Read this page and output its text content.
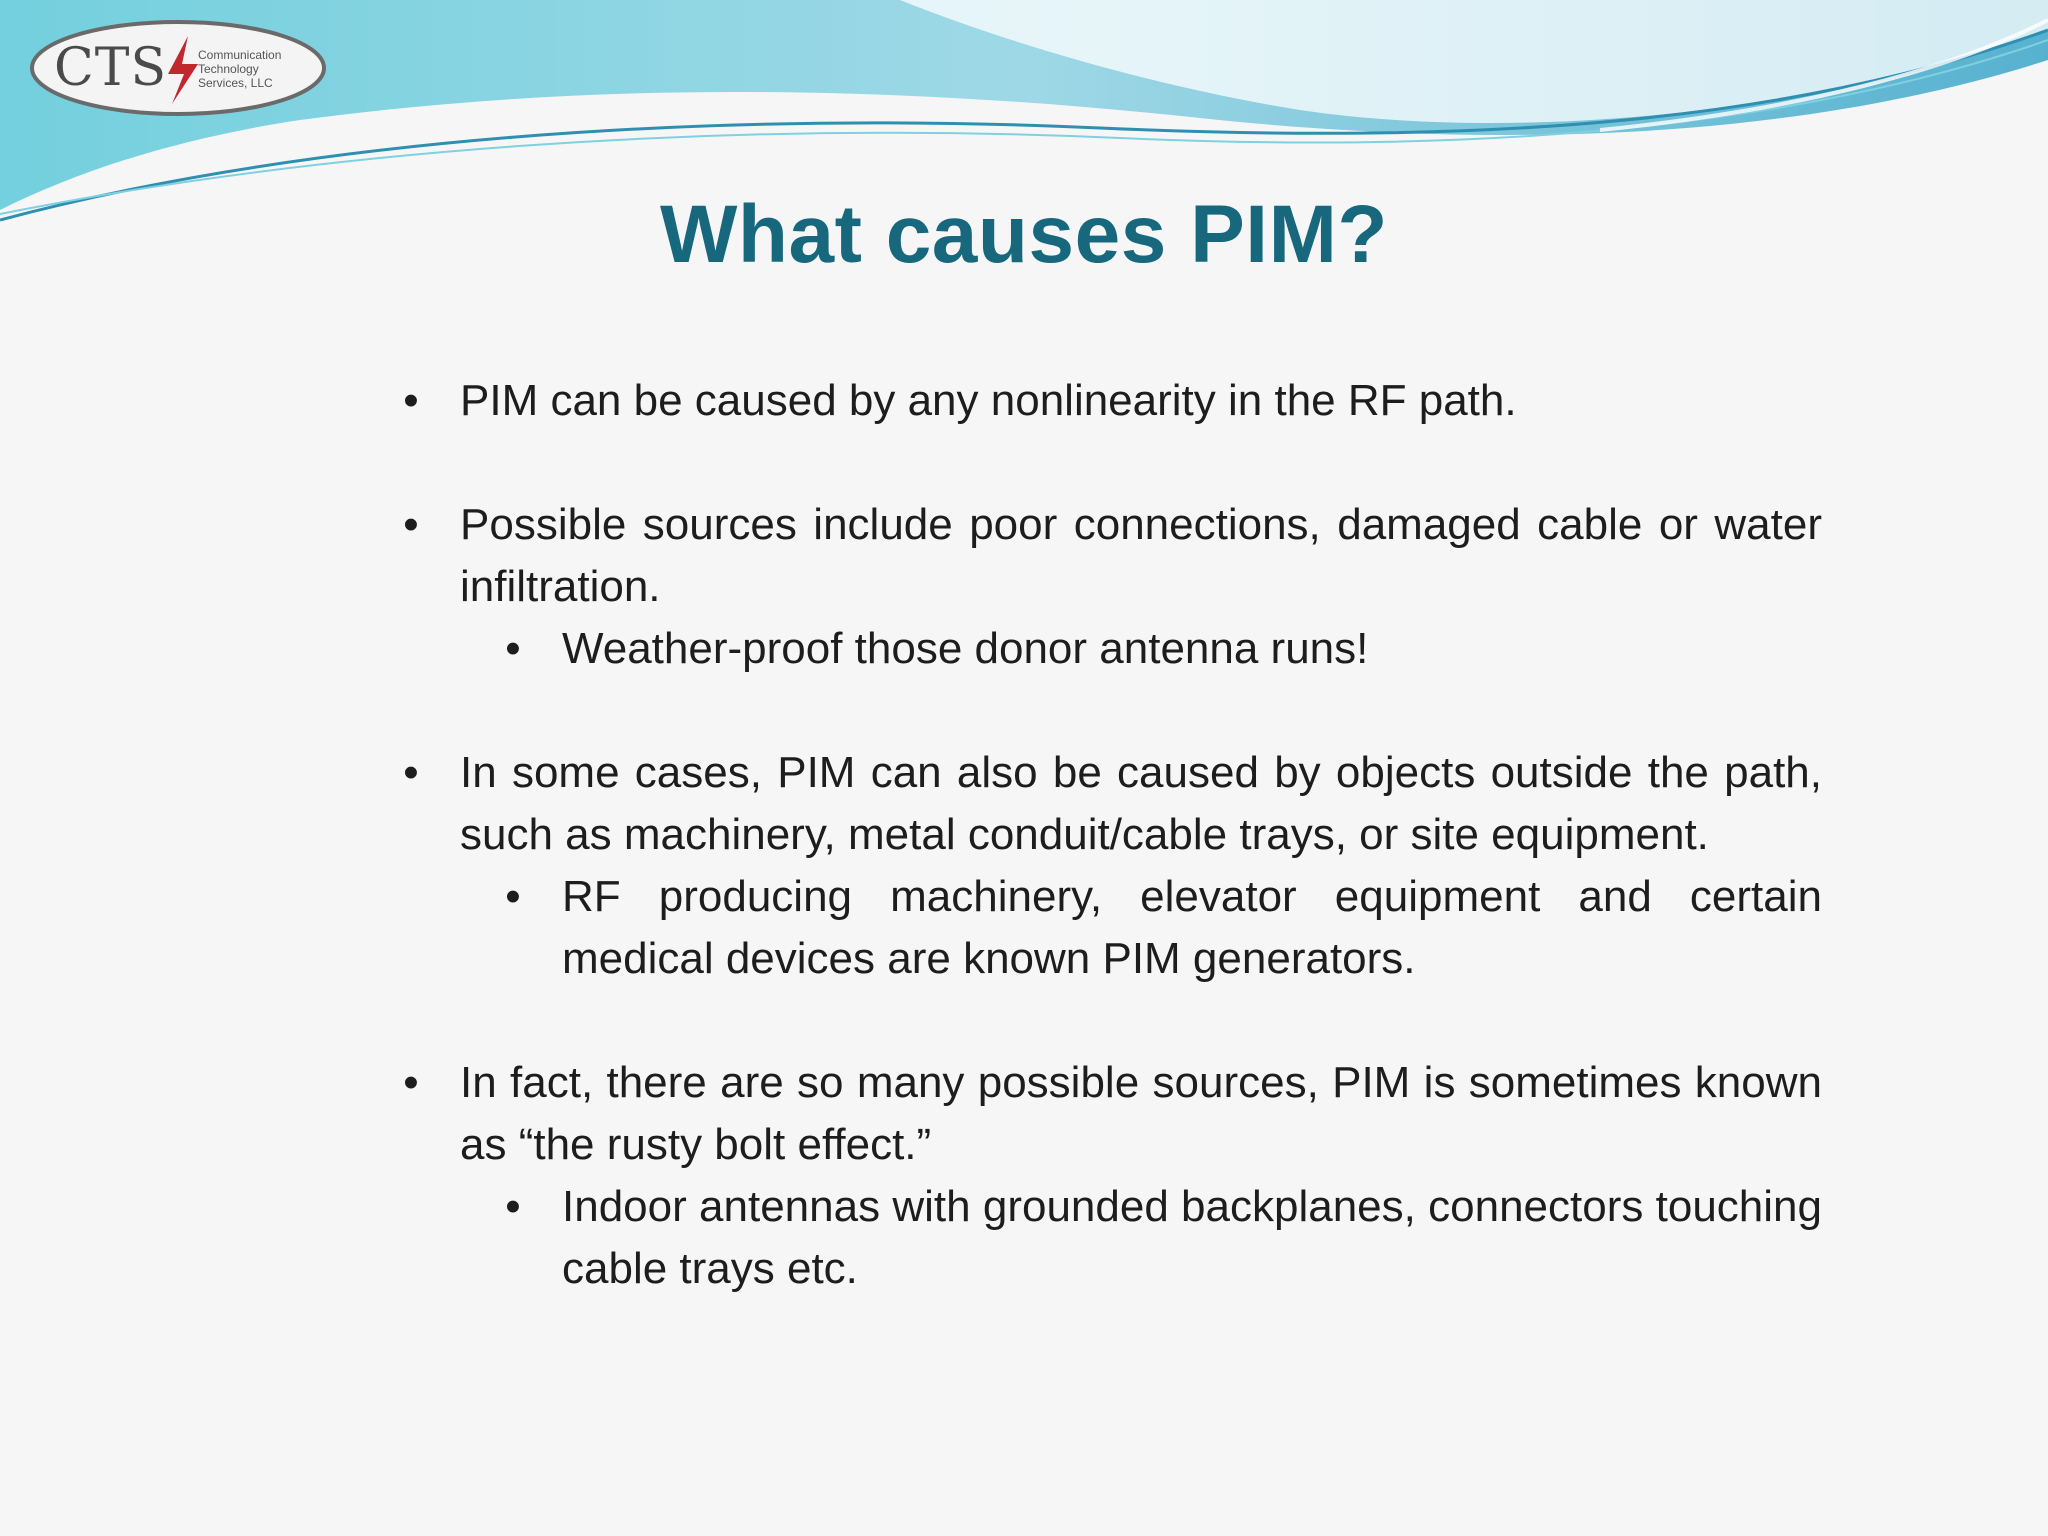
CTS	Communication
Technology
Services, LLC
What causes PIM?
• PIM can be caused by any nonlinearity in the RF path.
• Possible sources include poor connections, damaged cable or water infiltration.
• Weather-proof those donor antenna runs!
• In some cases, PIM can also be caused by objects outside the path, such as machinery, metal conduit/cable trays, or site equipment.
• RF producing machinery, elevator equipment and certain medical devices are known PIM generators.
• In fact, there are so many possible sources, PIM is sometimes known as “the rusty bolt effect.”
• Indoor antennas with grounded backplanes, connectors touching cable trays etc.
